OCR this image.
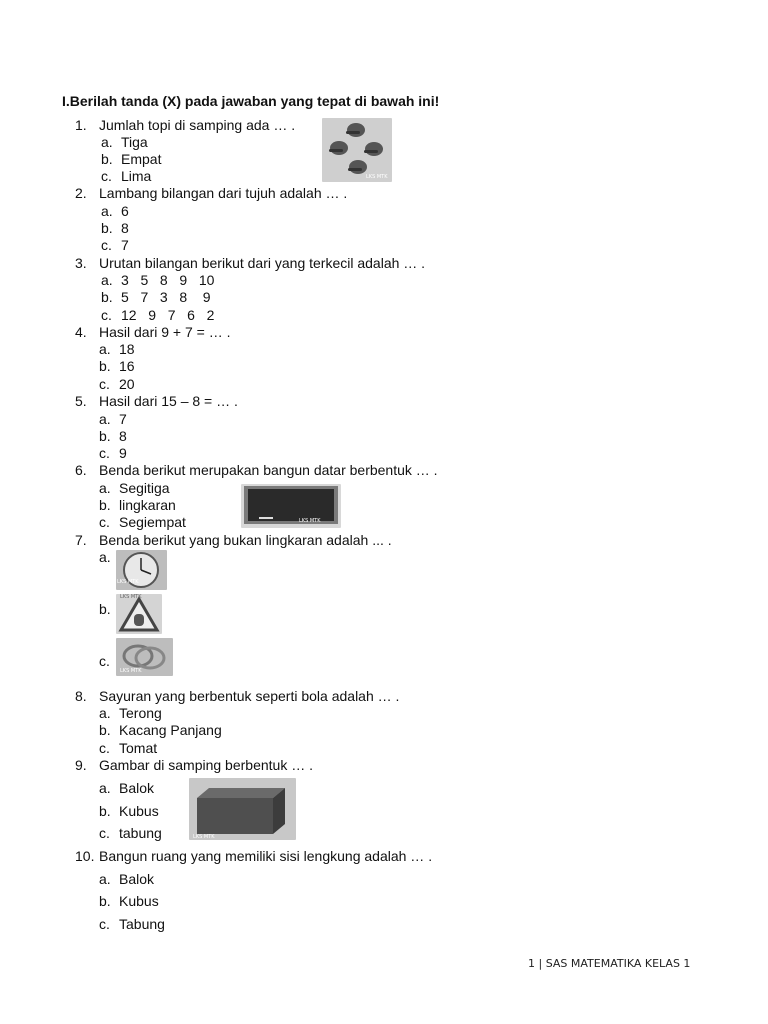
I.Berilah tanda (X) pada jawaban yang tepat di bawah ini!
1. Jumlah topi di samping ada … .
a. Tiga
b. Empat
c. Lima	LKS MTK
2. Lambang bilangan dari tujuh adalah … .
a. 6
b. 8
c. 7
3. Urutan bilangan berikut dari yang terkecil adalah … .
a. 3   5   8   9   10
b. 5   7   3   8    9
c. 12   9   7   6   2
4. Hasil dari 9 + 7 = … .
a. 18
b. 16
c. 20
5. Hasil dari 15 – 8 = … .
a. 7
b. 8
c. 9
6. Benda berikut merupakan bangun datar berbentuk … .
a. Segitiga
b. lingkaran
c. Segiempat	LKS MTK
7. Benda berikut yang bukan lingkaran adalah ... .
a.
LKS MTK
b.
LKS MTK
c.
LKS MTK
8. Sayuran yang berbentuk seperti bola adalah … .
a. Terong
b. Kacang Panjang
c. Tomat
9. Gambar di samping berbentuk … .
a. Balok
b. Kubus
c. tabung	LKS MTK
10. Bangun ruang yang memiliki sisi lengkung adalah … .
a. Balok
b. Kubus
c. Tabung
1 | SAS MATEMATIKA KELAS 1
